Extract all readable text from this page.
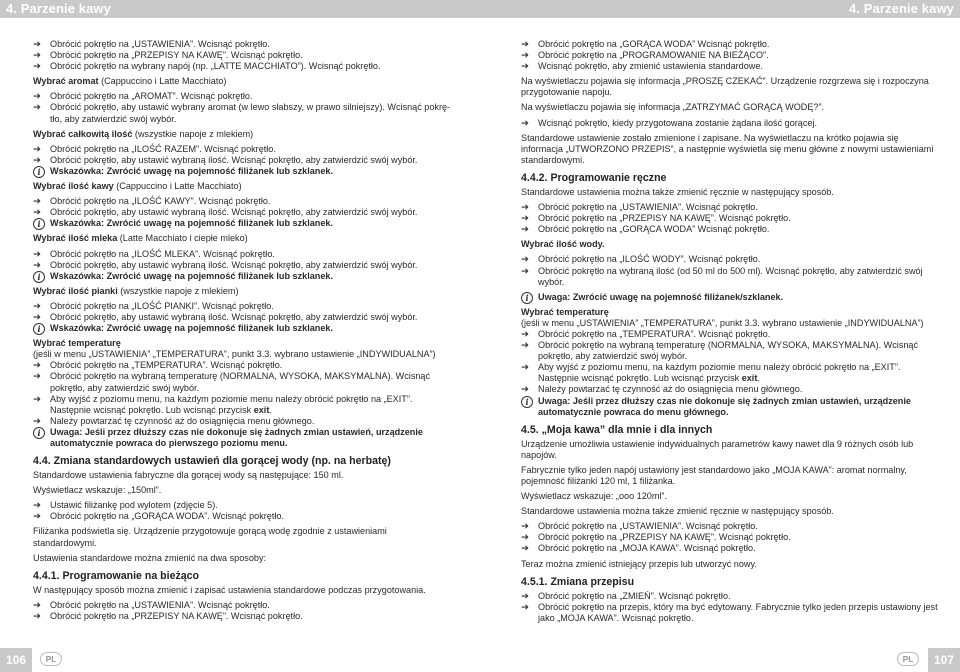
4. Parzenie kawy	4. Parzenie kawy
➔ Obrócić pokrętło na „USTAWIENIA”. Wcisnąć pokrętło.
➔ Obrócić pokrętło na „PRZEPISY NA KAWĘ”. Wcisnąć pokrętło.
➔ Obrócić pokrętło na wybrany napój (np. „LATTE MACCHIATO”). Wcisnąć pokrętło.
Wybrać aromat (Cappuccino i Latte Macchiato)
➔ Obrócić pokrętło na „AROMAT”. Wcisnąć pokrętło.
➔ Obrócić pokrętło, aby ustawić wybrany aromat (w lewo słabszy, w prawo silniejszy). Wcisnąć pokrę-tło, aby zatwierdzić swój wybór.
Wybrać całkowitą ilość (wszystkie napoje z mlekiem)
➔ Obrócić pokrętło na „ILOŚĆ RAZEM”. Wcisnąć pokrętło.
➔ Obrócić pokrętło, aby ustawić wybraną ilość. Wcisnąć pokrętło, aby zatwierdzić swój wybór.
i	Wskazówka: Zwrócić uwagę na pojemność filiżanek lub szklanek.
Wybrać ilość kawy (Cappuccino i Latte Macchiato)
➔ Obrócić pokrętło na „ILOŚĆ KAWY”. Wcisnąć pokrętło.
➔ Obrócić pokrętło, aby ustawić wybraną ilość. Wcisnąć pokrętło, aby zatwierdzić swój wybór.
i	Wskazówka: Zwrócić uwagę na pojemność filiżanek lub szklanek.
Wybrać ilość mleka (Latte Macchiato i ciepłe mleko)
➔ Obrócić pokrętło na „ILOŚĆ MLEKA”. Wcisnąć pokrętło.
➔ Obrócić pokrętło, aby ustawić wybraną ilość. Wcisnąć pokrętło, aby zatwierdzić swój wybór.
i	Wskazówka: Zwrócić uwagę na pojemność filiżanek lub szklanek.
Wybrać ilość pianki (wszystkie napoje z mlekiem)
➔ Obrócić pokrętło na „ILOŚĆ PIANKI”. Wcisnąć pokrętło.
➔ Obrócić pokrętło, aby ustawić wybraną ilość. Wcisnąć pokrętło, aby zatwierdzić swój wybór.
i	Wskazówka: Zwrócić uwagę na pojemność filiżanek lub szklanek.
Wybrać temperaturę
(jeśli w menu „USTAWIENIA” „TEMPERATURA”, punkt 3.3. wybrano ustawienie „INDYWIDUALNA”)
➔ Obrócić pokrętło na „TEMPERATURA”. Wcisnąć pokrętło.
➔ Obrócić pokrętło na wybraną temperaturę (NORMALNA, WYSOKA, MAKSYMALNA). Wcisnąć pokrętło, aby zatwierdzić swój wybór.
➔ Aby wyjść z poziomu menu, na każdym poziomie menu należy obrócić pokrętło na „EXIT”. Następnie wcisnąć pokrętło. Lub wcisnąć przycisk exit.
➔ Należy powtarzać tę czynność aż do osiągnięcia menu głównego.
i	Uwaga: Jeśli przez dłuższy czas nie dokonuje się żadnych zmian ustawień, urządzenie automatycznie powraca do pierwszego poziomu menu.
4.4. Zmiana standardowych ustawień dla gorącej wody (np. na herbatę)
Standardowe ustawienia fabryczne dla gorącej wody są następujące: 150 ml.
Wyświetlacz wskazuje: „150ml”.
➔ Ustawić filiżankę pod wylotem (zdjęcie 5).
➔ Obrócić pokrętło na „GORĄCA WODA”. Wcisnąć pokrętło.
Filiżanka podświetla się. Urządzenie przygotowuje gorącą wodę zgodnie z ustawieniami standardowymi.
Ustawienia standardowe można zmienić na dwa sposoby:
4.4.1. Programowanie na bieżąco
W następujący sposób można zmienić i zapisać ustawienia standardowe podczas przygotowania.
➔ Obrócić pokrętło na „USTAWIENIA”. Wcisnąć pokrętło.
➔ Obrócić pokrętło na „PRZEPISY NA KAWĘ”. Wcisnąć pokrętło.
➔ Obrócić pokrętło na „GORĄCA WODA” Wcisnąć pokrętło.
➔ Obrócić pokrętło na „PROGRAMOWANIE NA BIEŻĄCO”.
➔ Wcisnąć pokrętło, aby zmienić ustawienia standardowe.
Na wyświetlaczu pojawia się informacja „PROSZĘ CZEKAĆ”. Urządzenie rozgrzewa się i rozpoczyna przygotowanie napoju.
Na wyświetlaczu pojawia się informacja „ZATRZYMAĆ GORĄCĄ WODĘ?”.
➔ Wcisnąć pokrętło, kiedy przygotowana zostanie żądana ilość gorącej.
Standardowe ustawienie zostało zmienione i zapisane. Na wyświetlaczu na krótko pojawia się informacja „UTWORZONO PRZEPIS”, a następnie wyświetla się menu główne z nowymi ustawieniami standardowymi.
4.4.2. Programowanie ręczne
Standardowe ustawienia można także zmienić ręcznie w następujący sposób.
➔ Obrócić pokrętło na „USTAWIENIA”. Wcisnąć pokrętło.
➔ Obrócić pokrętło na „PRZEPISY NA KAWĘ”. Wcisnąć pokrętło.
➔ Obrócić pokrętło na „GORĄCA WODA” Wcisnąć pokrętło.
Wybrać ilość wody.
➔ Obrócić pokrętło na „ILOŚĆ WODY”. Wcisnąć pokrętło.
➔ Obrócić pokrętło na wybraną ilość (od 50 ml do 500 ml). Wcisnąć pokrętło, aby zatwierdzić swój wybór.
i	Uwaga: Zwrócić uwagę na pojemność filiżanek/szklanek.
Wybrać temperaturę
(jeśli w menu „USTAWIENIA” „TEMPERATURA”, punkt 3.3. wybrano ustawienie „INDYWIDUALNA”)
➔ Obrócić pokrętło na „TEMPERATURA”. Wcisnąć pokrętło.
➔ Obrócić pokrętło na wybraną temperaturę (NORMALNA, WYSOKA, MAKSYMALNA). Wcisnąć pokrętło, aby zatwierdzić swój wybór.
➔ Aby wyjść z poziomu menu, na każdym poziomie menu należy obrócić pokrętło na „EXIT”. Następnie wcisnąć pokrętło. Lub wcisnąć przycisk exit.
➔ Należy powtarzać tę czynność aż do osiągnięcia menu głównego.
i	Uwaga: Jeśli przez dłuższy czas nie dokonuje się żadnych zmian ustawień, urządzenie automatycznie powraca do menu głównego.
4.5. „Moja kawa” dla mnie i dla innych
Urządzenie umożliwia ustawienie indywidualnych parametrów kawy nawet dla 9 różnych osób lub napojów.
Fabrycznie tylko jeden napój ustawiony jest standardowo jako „MOJA KAWA”: aromat normalny, pojemność filiżanki 120 ml, 1 filiżanka.
Wyświetlacz wskazuje: „ooo 120ml”.
Standardowe ustawienia można także zmienić ręcznie w następujący sposób.
➔ Obrócić pokrętło na „USTAWIENIA”. Wcisnąć pokrętło.
➔ Obrócić pokrętło na „PRZEPISY NA KAWĘ”. Wcisnąć pokrętło.
➔ Obrócić pokrętło na „MOJA KAWA”. Wcisnąć pokrętło.
Teraz można zmienić istniejący przepis lub utworzyć nowy.
4.5.1. Zmiana przepisu
➔ Obrócić pokrętło na „ZMIEŃ”. Wcisnąć pokrętło.
➔ Obrócić pokrętło na przepis, który ma być edytowany. Fabrycznie tylko jeden przepis ustawiony jest jako „MOJA KAWA”. Wcisnąć pokrętło.
106	PL	PL	107
